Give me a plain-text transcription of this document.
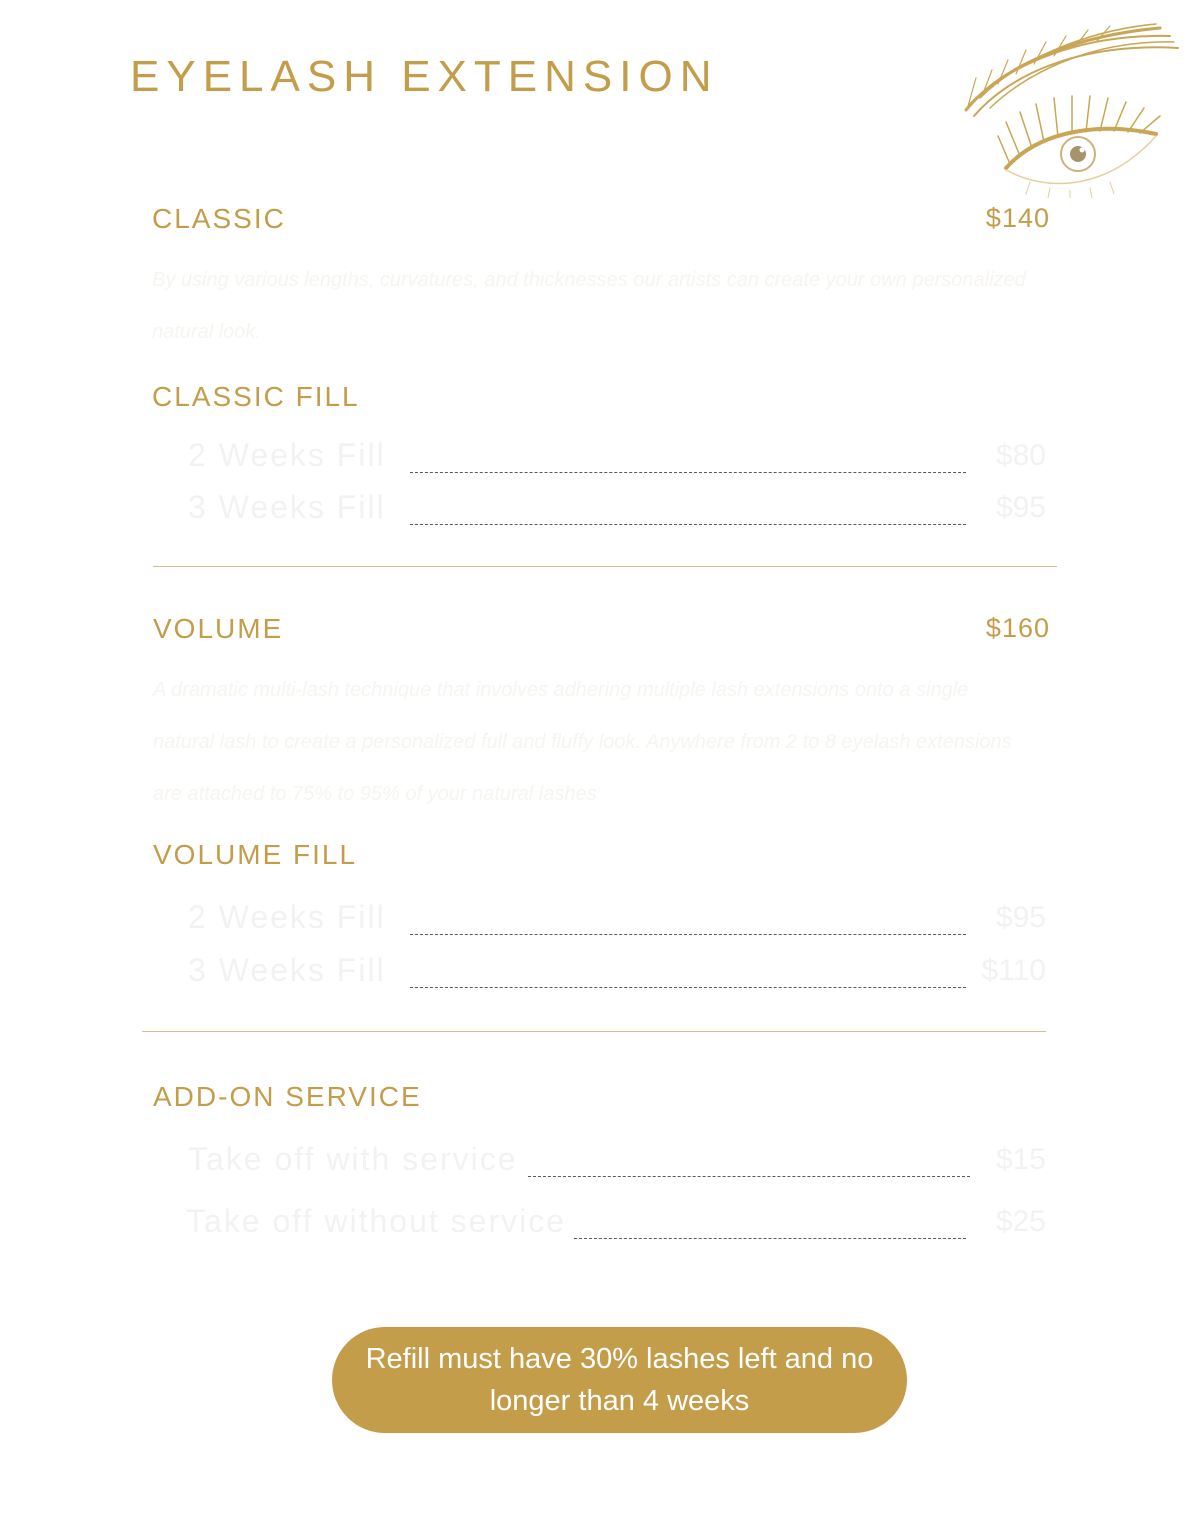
EYELASH EXTENSION
CLASSIC	$140

By using various lengths, curvatures, and thicknesses our artists can create your own personalized natural look.

CLASSIC FILL
2 Weeks Fill	$80
3 Weeks Fill	$95
VOLUME	$160

A dramatic multi-lash technique that involves adhering multiple lash extensions onto a single natural lash to create a personalized full and fluffy look. Anywhere from 2 to 8 eyelash extensions are attached to 75% to 95% of your natural lashes

VOLUME FILL
2 Weeks Fill	$95
3 Weeks Fill	$110
ADD-ON SERVICE
Take off with service	$15
Take off without service	$25
Refill must have 30% lashes left and no longer than 4 weeks
